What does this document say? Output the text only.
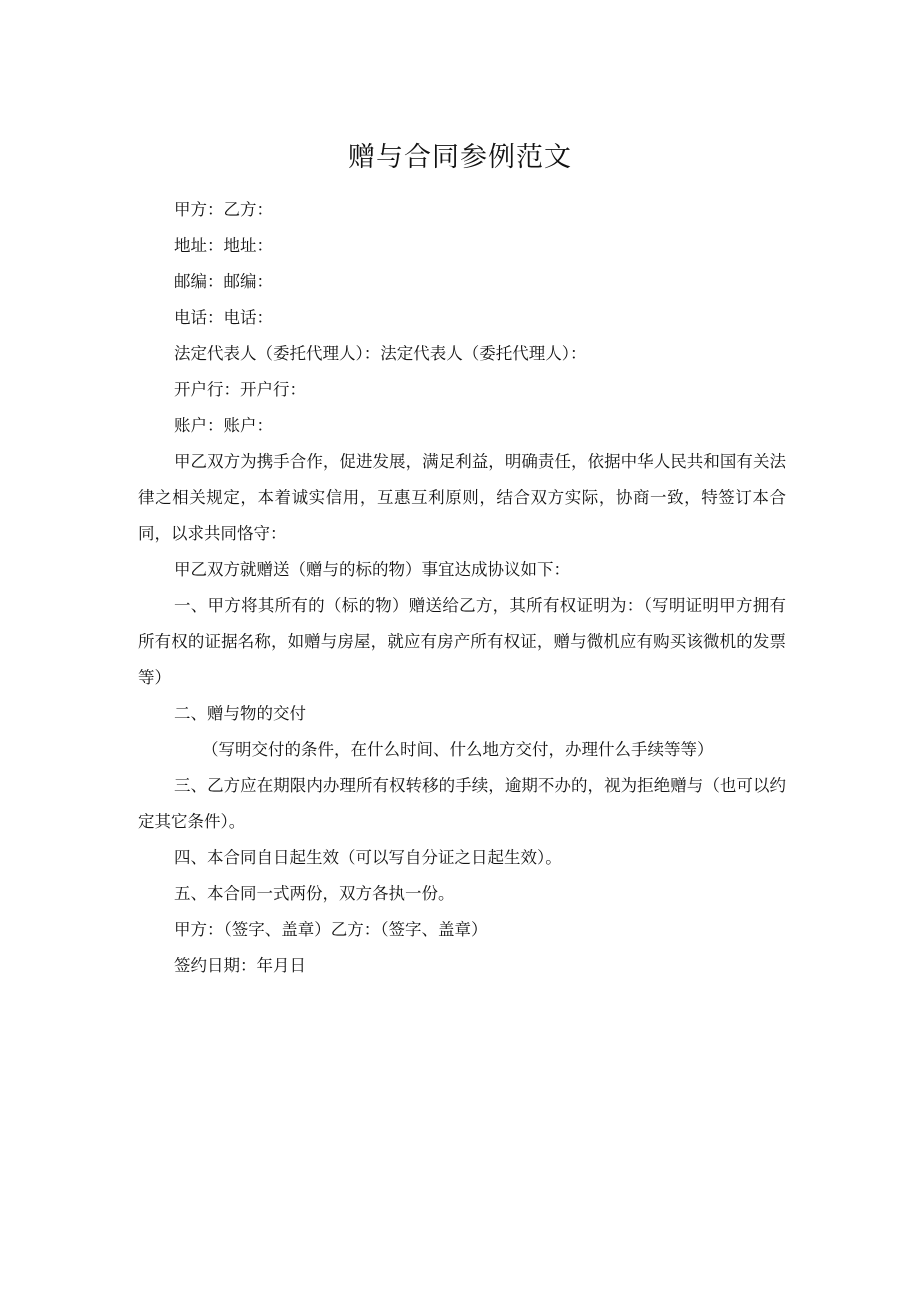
赠与合同参例范文

甲方：乙方：

地址：地址：

邮编：邮编：

电话：电话：

法定代表人（委托代理人）：法定代表人（委托代理人）：

开户行：开户行：

账户：账户：

甲乙双方为携手合作，促进发展，满足利益，明确责任，依据中华人民共和国有关法律之相关规定，本着诚实信用，互惠互利原则，结合双方实际，协商一致，特签订本合同，以求共同恪守：

甲乙双方就赠送（赠与的标的物）事宜达成协议如下：

一、甲方将其所有的（标的物）赠送给乙方，其所有权证明为：（写明证明甲方拥有所有权的证据名称，如赠与房屋，就应有房产所有权证，赠与微机应有购买该微机的发票等）

二、赠与物的交付

（写明交付的条件，在什么时间、什么地方交付，办理什么手续等等）

三、乙方应在期限内办理所有权转移的手续，逾期不办的，视为拒绝赠与（也可以约定其它条件）。

四、本合同自日起生效（可以写自分证之日起生效）。

五、本合同一式两份，双方各执一份。

甲方：（签字、盖章）乙方：（签字、盖章）

签约日期：年月日
